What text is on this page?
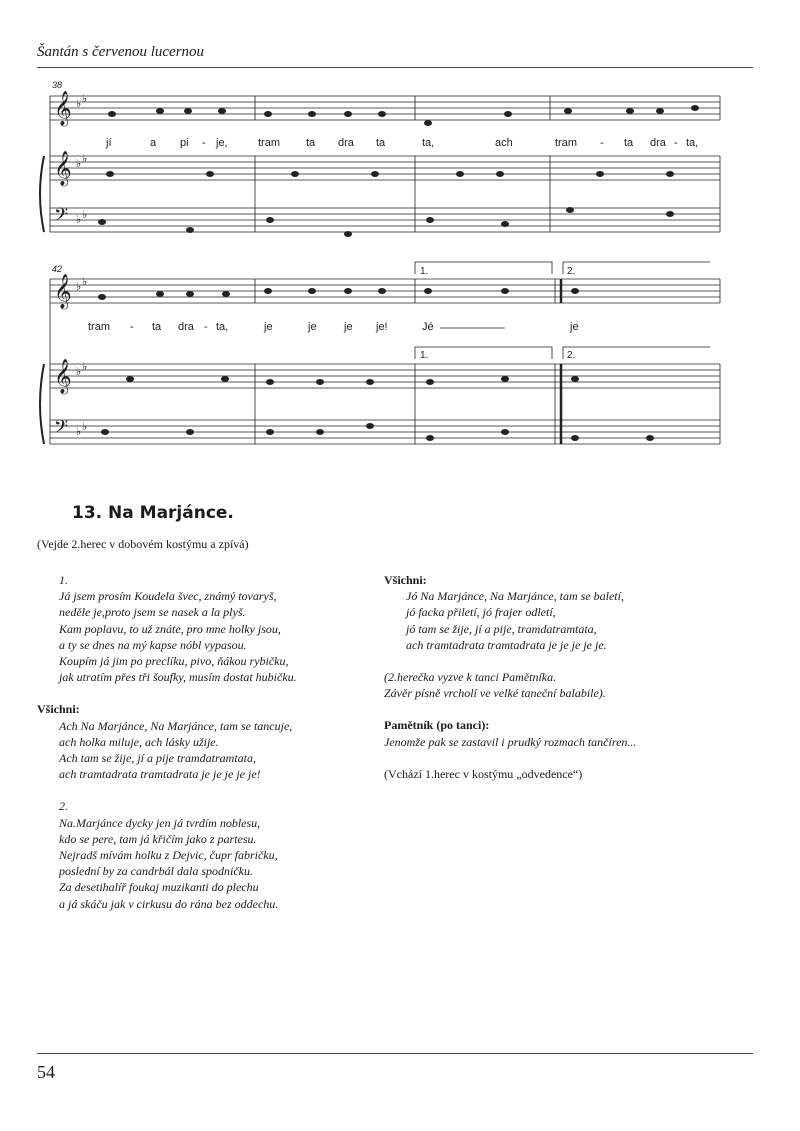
Šantán s červenou lucernou
𝄞
𝄞
𝄢
𝄞
𝄞
𝄢
♭ ♭
♭ ♭
♭ ♭
♭ ♭
♭ ♭
♭ ♭
38
42	1.	2.
1.	2.
jí	a pi - je,	tram ta dra ta	ta,	ach	tram - ta dra - ta,
tram - ta dra - ta,	je	je je je!	Jé	je
13. Na Marjánce.
(Vejde 2.herec v dobovém kostýmu a zpívá)
1.
Já jsem prosím Koudela švec, známý tovaryš,
neděle je,proto jsem se nasek a la plyš.
Kam poplavu, to už znáte, pro mne holky jsou,
a ty se dnes na mý kapse nóbl vypasou.
Koupím já jim po preclíku, pivo, ňákou rybičku,
jak utratím přes tři šoufky, musím dostat hubičku.
Všichni:
Ach Na Marjánce, Na Marjánce, tam se tancuje,
ach holka miluje, ach lásky užije.
Ach tam se žije, jí a pije tramdatramtata,
ach tramtadrata tramtadrata je je je je je!
2.
Na.Marjánce dycky jen já tvrdím noblesu,
kdo se pere, tam já křičím jako z partesu.
Nejradš mívám holku z Dejvic, čupr fabričku,
poslední by za candrbál dala spodničku.
Za desetihalíř foukaj muzikanti do plechu
a já skáču jak v cirkusu do rána bez oddechu.
Všichni:
Jó Na Marjánce, Na Marjánce, tam se baletí,
jó facka přiletí, jó frajer odletí,
jó tam se žije, jí a pije, tramdatramtata,
ach tramtadrata tramtadrata je je je je je.
(2.herečka vyzve k tanci Pamětníka.
Závěr písně vrcholí ve velké taneční balabile).
Pamětník (po tanci):
Jenomže pak se zastavil i prudký rozmach tančíren...
(Vchází 1.herec v kostýmu „odvedence“)
54
